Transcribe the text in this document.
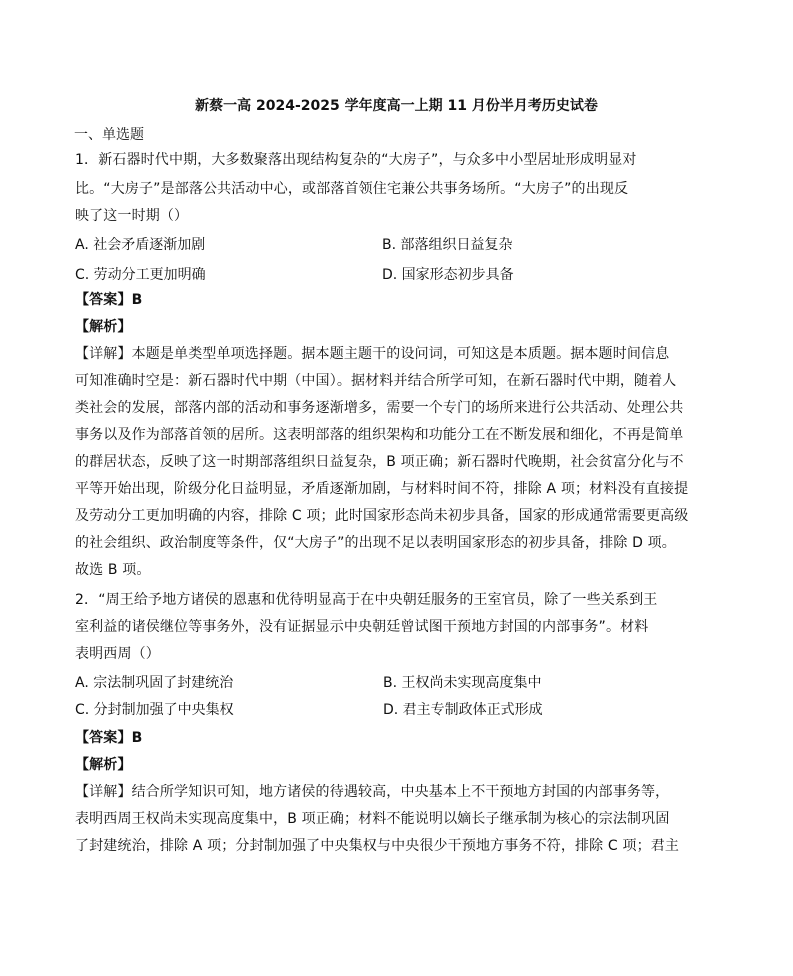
新蔡一高 2024-2025 学年度高一上期 11 月份半月考历史试卷
一、单选题
1．新石器时代中期，大多数聚落出现结构复杂的“大房子”，与众多中小型居址形成明显对
比。“大房子”是部落公共活动中心，或部落首领住宅兼公共事务场所。“大房子”的出现反
映了这一时期（）
A. 社会矛盾逐渐加剧	B. 部落组织日益复杂
C. 劳动分工更加明确	D. 国家形态初步具备
【答案】B
【解析】
【详解】本题是单类型单项选择题。据本题主题干的设问词，可知这是本质题。据本题时间信息
可知准确时空是：新石器时代中期（中国）。据材料并结合所学可知，在新石器时代中期，随着人
类社会的发展，部落内部的活动和事务逐渐增多，需要一个专门的场所来进行公共活动、处理公共
事务以及作为部落首领的居所。这表明部落的组织架构和功能分工在不断发展和细化，不再是简单
的群居状态，反映了这一时期部落组织日益复杂，B 项正确；新石器时代晚期，社会贫富分化与不
平等开始出现，阶级分化日益明显，矛盾逐渐加剧，与材料时间不符，排除 A 项；材料没有直接提
及劳动分工更加明确的内容，排除 C 项；此时国家形态尚未初步具备，国家的形成通常需要更高级
的社会组织、政治制度等条件，仅“大房子”的出现不足以表明国家形态的初步具备，排除 D 项。
故选 B 项。
2．“周王给予地方诸侯的恩惠和优待明显高于在中央朝廷服务的王室官员，除了一些关系到王
室利益的诸侯继位等事务外，没有证据显示中央朝廷曾试图干预地方封国的内部事务”。材料
表明西周（）
A. 宗法制巩固了封建统治	B. 王权尚未实现高度集中
C. 分封制加强了中央集权	D. 君主专制政体正式形成
【答案】B
【解析】
【详解】结合所学知识可知，地方诸侯的待遇较高，中央基本上不干预地方封国的内部事务等，
表明西周王权尚未实现高度集中，B 项正确；材料不能说明以嫡长子继承制为核心的宗法制巩固
了封建统治，排除 A 项；分封制加强了中央集权与中央很少干预地方事务不符，排除 C 项；君主
